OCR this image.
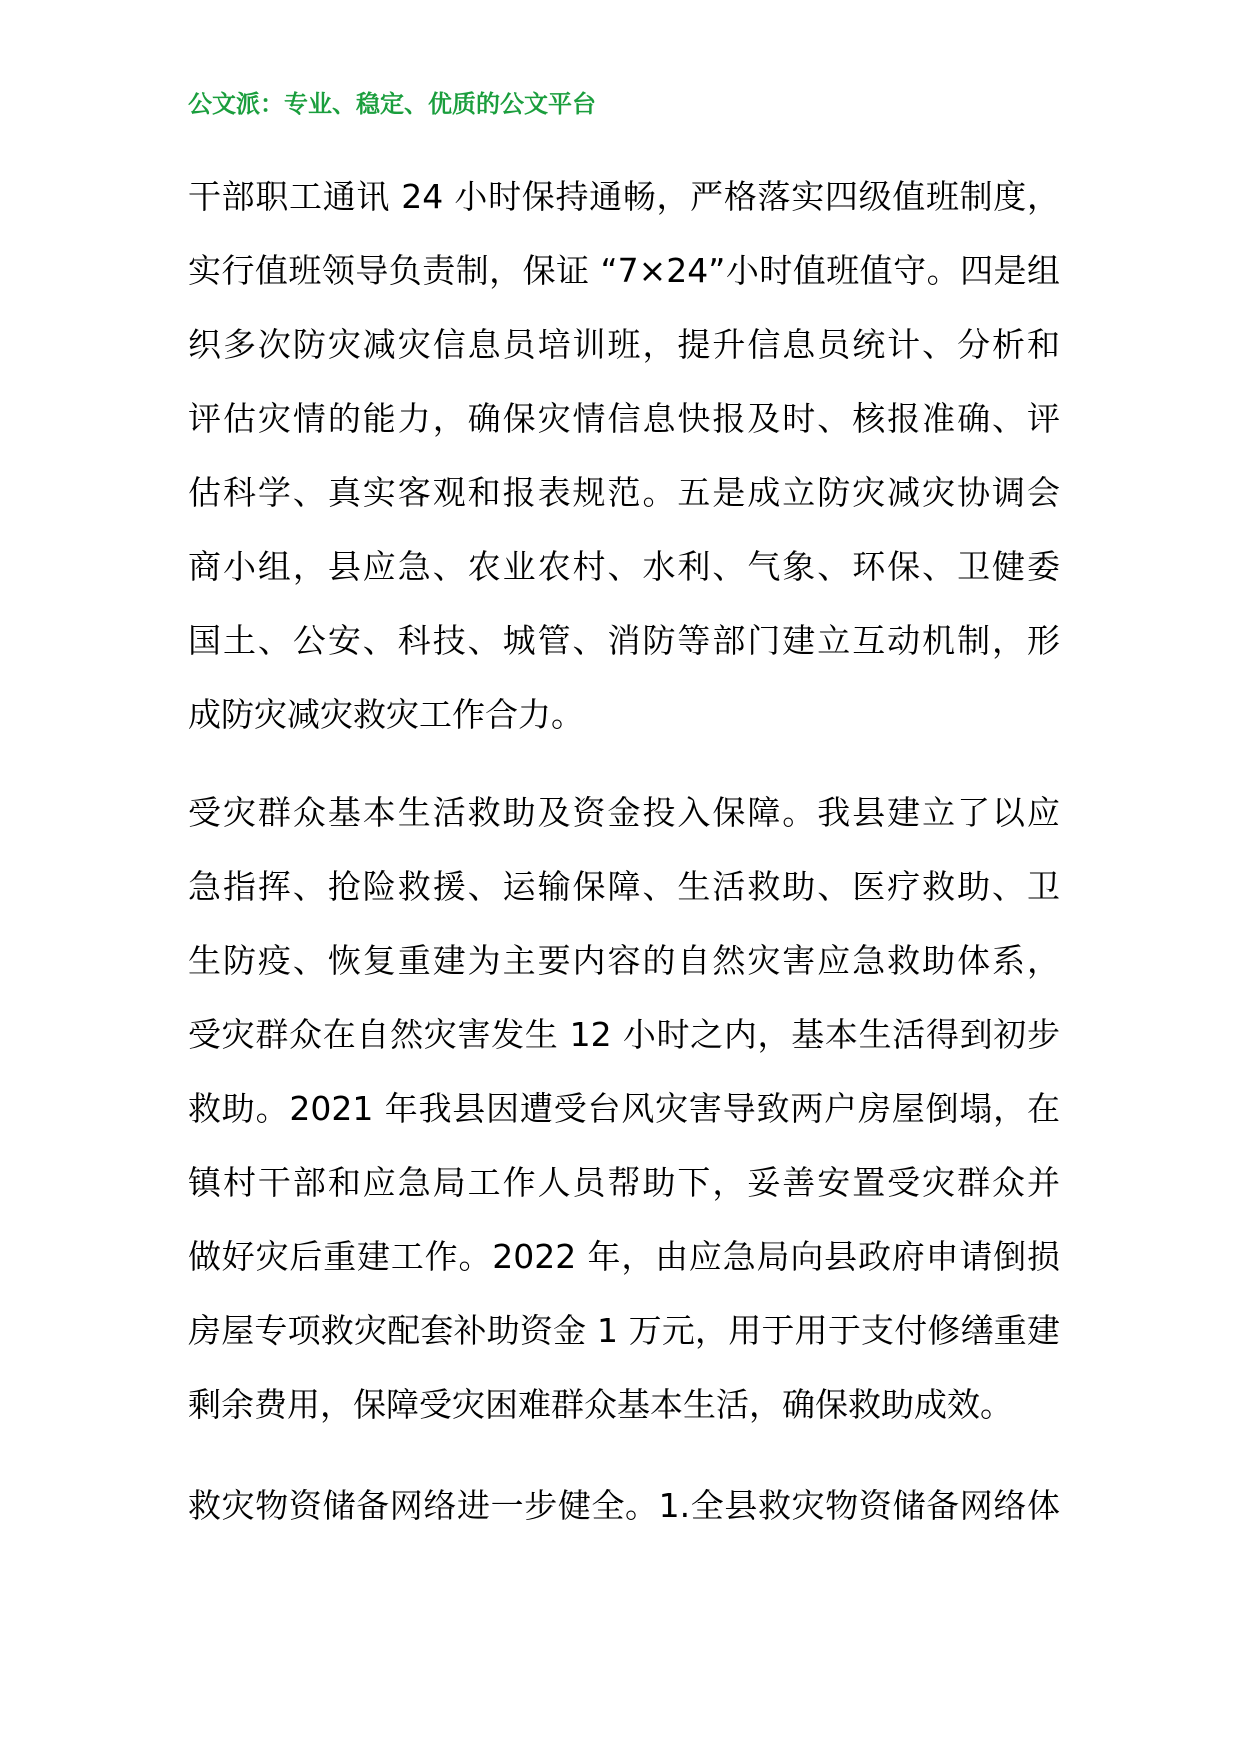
公文派：专业、稳定、优质的公文平台
干部职工通讯 24 小时保持通畅，严格落实四级值班制度，
实行值班领导负责制，保证 “7×24”小时值班值守。四是组
织多次防灾减灾信息员培训班，提升信息员统计、分析和
评估灾情的能力，确保灾情信息快报及时、核报准确、评
估科学、真实客观和报表规范。五是成立防灾减灾协调会
商小组，县应急、农业农村、水利、气象、环保、卫健委
国土、公安、科技、城管、消防等部门建立互动机制，形
成防灾减灾救灾工作合力。
受灾群众基本生活救助及资金投入保障。我县建立了以应
急指挥、抢险救援、运输保障、生活救助、医疗救助、卫
生防疫、恢复重建为主要内容的自然灾害应急救助体系，
受灾群众在自然灾害发生 12 小时之内，基本生活得到初步
救助。2021 年我县因遭受台风灾害导致两户房屋倒塌，在
镇村干部和应急局工作人员帮助下，妥善安置受灾群众并
做好灾后重建工作。2022 年，由应急局向县政府申请倒损
房屋专项救灾配套补助资金 1 万元，用于用于支付修缮重建
剩余费用，保障受灾困难群众基本生活，确保救助成效。
救灾物资储备网络进一步健全。1.全县救灾物资储备网络体
